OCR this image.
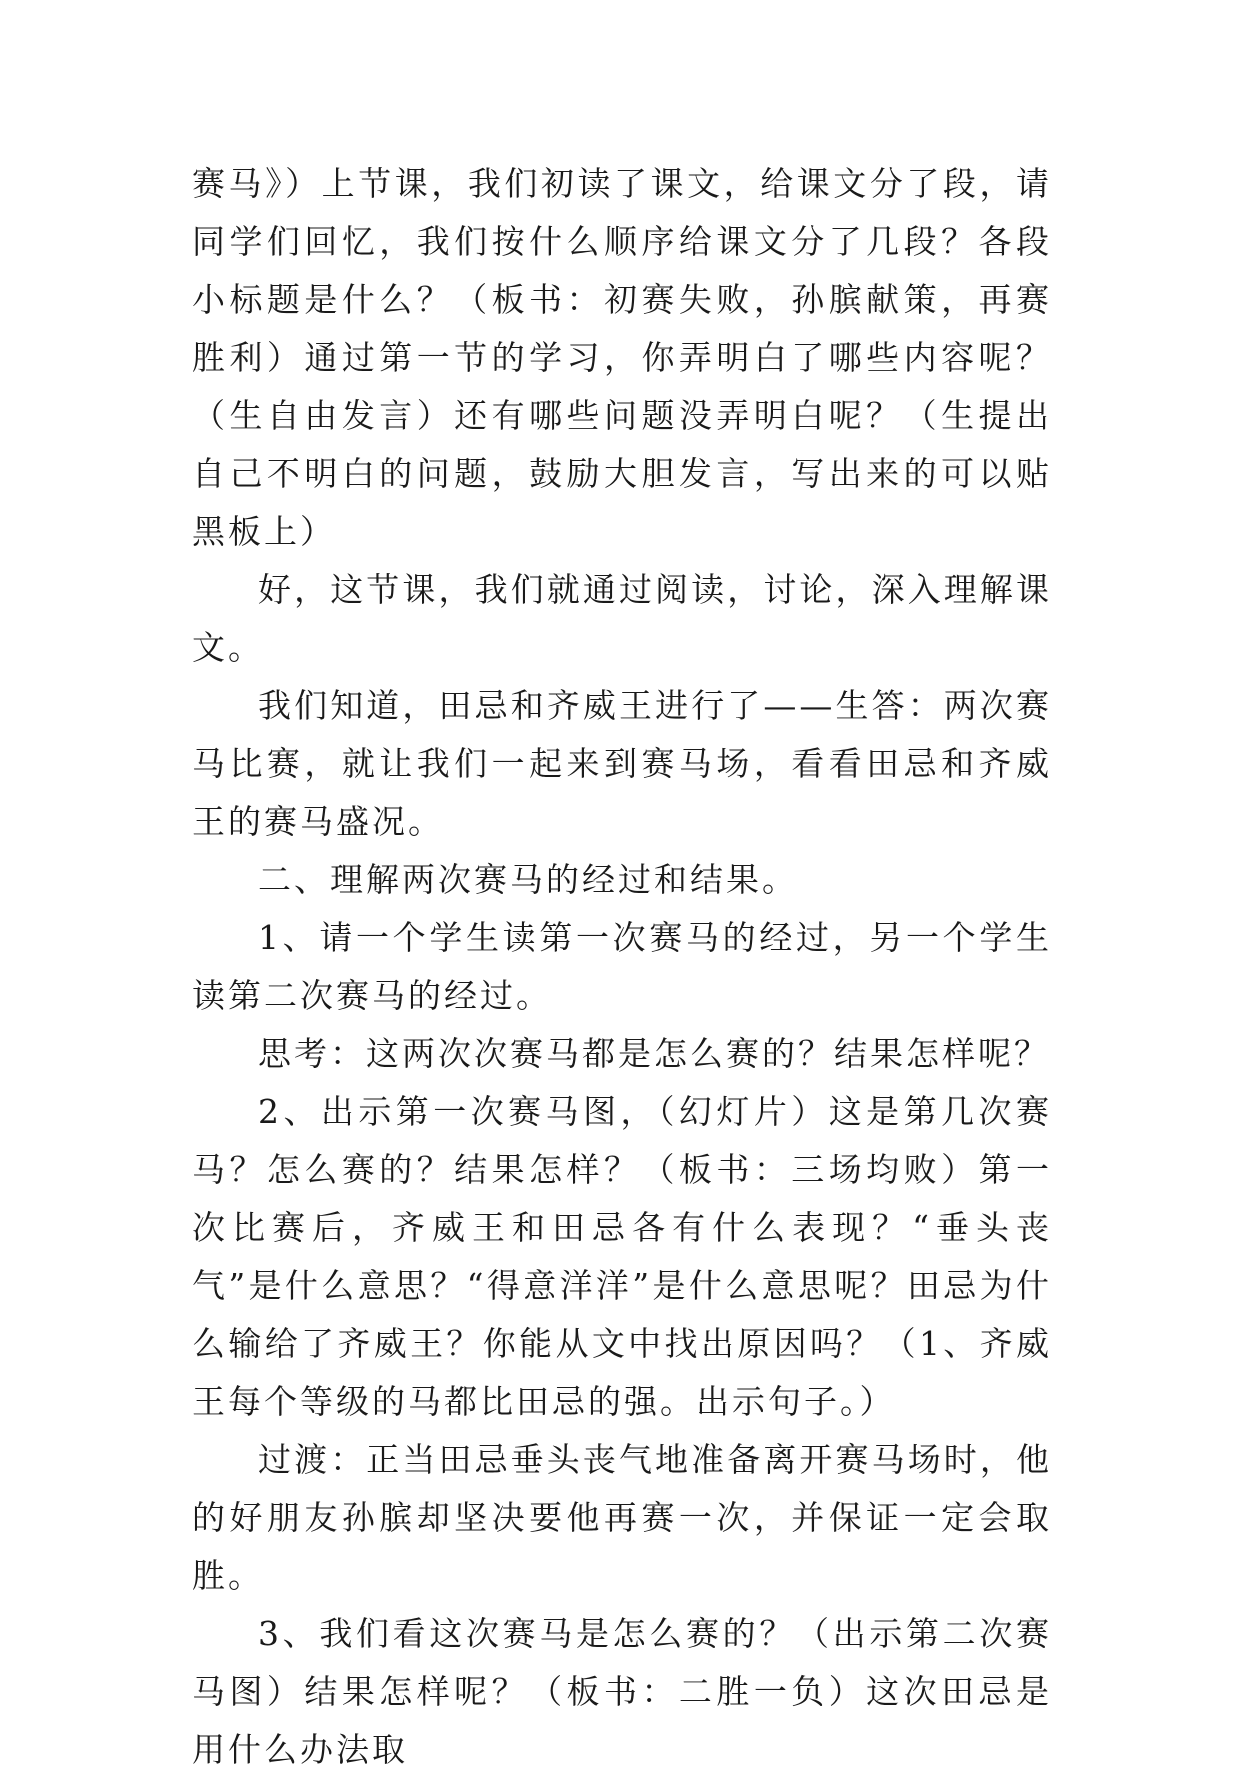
赛马》）上节课，我们初读了课文，给课文分了段，请同学们回忆，我们按什么顺序给课文分了几段？各段小标题是什么？（板书：初赛失败，孙膑献策，再赛胜利）通过第一节的学习，你弄明白了哪些内容呢？（生自由发言）还有哪些问题没弄明白呢？（生提出自己不明白的问题，鼓励大胆发言，写出来的可以贴黑板上）

好，这节课，我们就通过阅读，讨论，深入理解课文。

我们知道，田忌和齐威王进行了——生答：两次赛马比赛，就让我们一起来到赛马场，看看田忌和齐威王的赛马盛况。

二、理解两次赛马的经过和结果。

1、请一个学生读第一次赛马的经过，另一个学生读第二次赛马的经过。

思考：这两次次赛马都是怎么赛的？结果怎样呢？

2、出示第一次赛马图，（幻灯片）这是第几次赛马？怎么赛的？结果怎样？（板书：三场均败）第一次比赛后，齐威王和田忌各有什么表现？“垂头丧气”是什么意思？“得意洋洋”是什么意思呢？田忌为什么输给了齐威王？你能从文中找出原因吗？（1、齐威王每个等级的马都比田忌的强。出示句子。）

过渡：正当田忌垂头丧气地准备离开赛马场时，他的好朋友孙膑却坚决要他再赛一次，并保证一定会取胜。

3、我们看这次赛马是怎么赛的？（出示第二次赛马图）结果怎样呢？（板书：二胜一负）这次田忌是用什么办法取
